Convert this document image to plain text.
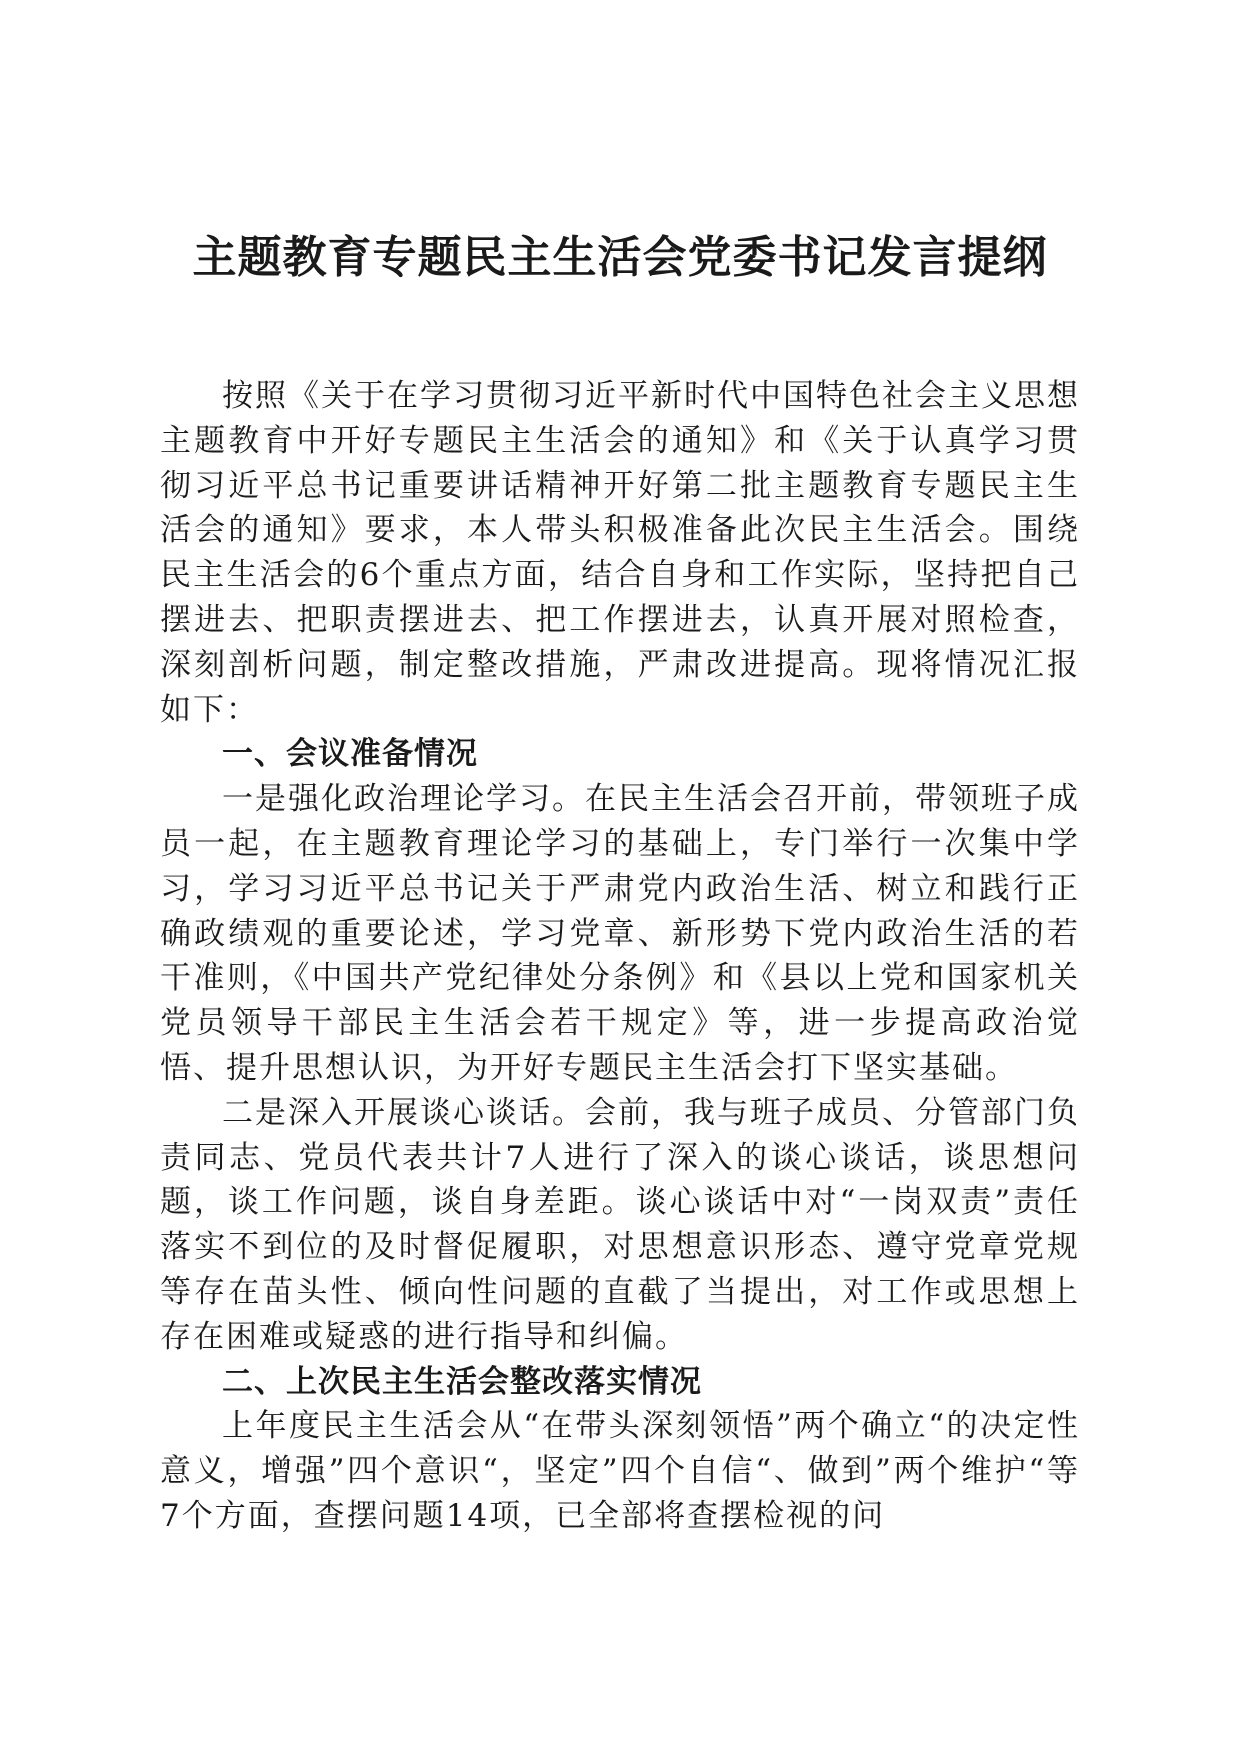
主题教育专题民主生活会党委书记发言提纲

按照《关于在学习贯彻习近平新时代中国特色社会主义思想主题教育中开好专题民主生活会的通知》和《关于认真学习贯彻习近平总书记重要讲话精神开好第二批主题教育专题民主生活会的通知》要求，本人带头积极准备此次民主生活会。围绕民主生活会的6个重点方面，结合自身和工作实际，坚持把自己摆进去、把职责摆进去、把工作摆进去，认真开展对照检查，深刻剖析问题，制定整改措施，严肃改进提高。现将情况汇报如下：

一、会议准备情况

一是强化政治理论学习。在民主生活会召开前，带领班子成员一起，在主题教育理论学习的基础上，专门举行一次集中学习，学习习近平总书记关于严肃党内政治生活、树立和践行正确政绩观的重要论述，学习党章、新形势下党内政治生活的若干准则，《中国共产党纪律处分条例》和《县以上党和国家机关党员领导干部民主生活会若干规定》等，进一步提高政治觉悟、提升思想认识，为开好专题民主生活会打下坚实基础。

二是深入开展谈心谈话。会前，我与班子成员、分管部门负责同志、党员代表共计7人进行了深入的谈心谈话，谈思想问题，谈工作问题，谈自身差距。谈心谈话中对“一岗双责”责任落实不到位的及时督促履职，对思想意识形态、遵守党章党规等存在苗头性、倾向性问题的直截了当提出，对工作或思想上存在困难或疑惑的进行指导和纠偏。

二、上次民主生活会整改落实情况

上年度民主生活会从“在带头深刻领悟”两个确立“的决定性意义，增强”四个意识“，坚定”四个自信“、做到”两个维护“等7个方面，查摆问题14项，已全部将查摆检视的问
